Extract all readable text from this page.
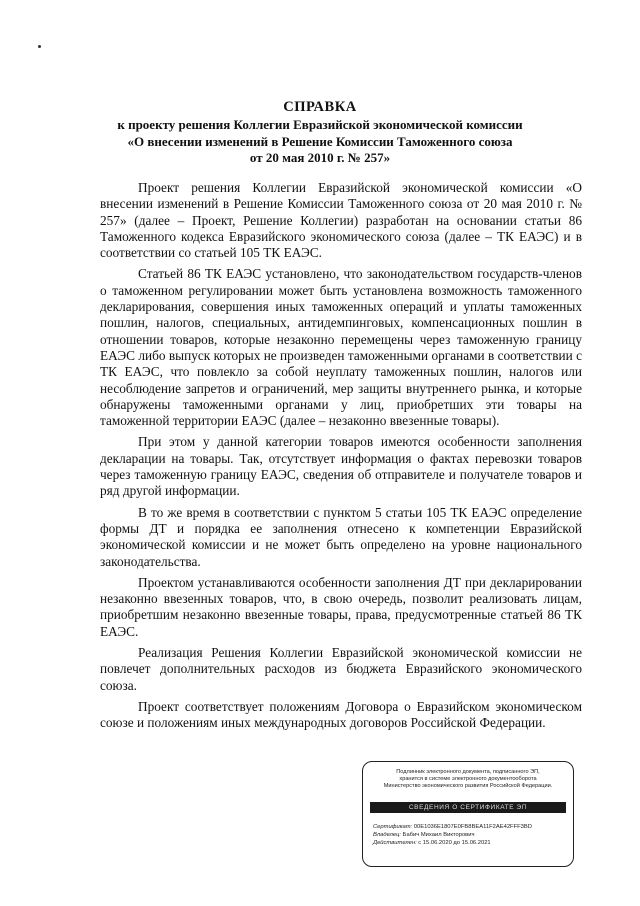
СПРАВКА
к проекту решения Коллегии Евразийской экономической комиссии
«О внесении изменений в Решение Комиссии Таможенного союза
от 20 мая 2010 г. № 257»

Проект решения Коллегии Евразийской экономической комиссии «О внесении изменений в Решение Комиссии Таможенного союза от 20 мая 2010 г. № 257» (далее – Проект, Решение Коллегии) разработан на основании статьи 86 Таможенного кодекса Евразийского экономического союза (далее – ТК ЕАЭС) и в соответствии со статьей 105 ТК ЕАЭС.

Статьей 86 ТК ЕАЭС установлено, что законодательством государств-членов о таможенном регулировании может быть установлена возможность таможенного декларирования, совершения иных таможенных операций и уплаты таможенных пошлин, налогов, специальных, антидемпинговых, компенсационных пошлин в отношении товаров, которые незаконно перемещены через таможенную границу ЕАЭС либо выпуск которых не произведен таможенными органами в соответствии с ТК ЕАЭС, что повлекло за собой неуплату таможенных пошлин, налогов или несоблюдение запретов и ограничений, мер защиты внутреннего рынка, и которые обнаружены таможенными органами у лиц, приобретших эти товары на таможенной территории ЕАЭС (далее – незаконно ввезенные товары).

При этом у данной категории товаров имеются особенности заполнения декларации на товары. Так, отсутствует информация о фактах перевозки товаров через таможенную границу ЕАЭС, сведения об отправителе и получателе товаров и ряд другой информации.

В то же время в соответствии с пунктом 5 статьи 105 ТК ЕАЭС определение формы ДТ и порядка ее заполнения отнесено к компетенции Евразийской экономической комиссии и не может быть определено на уровне национального законодательства.

Проектом устанавливаются особенности заполнения ДТ при декларировании незаконно ввезенных товаров, что, в свою очередь, позволит реализовать лицам, приобретшим незаконно ввезенные товары, права, предусмотренные статьей 86 ТК ЕАЭС.

Реализация Решения Коллегии Евразийской экономической комиссии не повлечет дополнительных расходов из бюджета Евразийского экономического союза.

Проект соответствует положениям Договора о Евразийском экономическом союзе и положениям иных международных договоров Российской Федерации.

Подлинник электронного документа, подписанного ЭП,
хранится в системе электронного документооборота
Министерство экономического развития Российской Федерации.
СВЕДЕНИЯ О СЕРТИФИКАТЕ ЭП
Сертификат: 00E1036E1807E0FB8BEA11F2AE42FFF3BD
Владелец: Бабич Михаил Викторович
Действителен: с 15.06.2020 до 15.06.2021
